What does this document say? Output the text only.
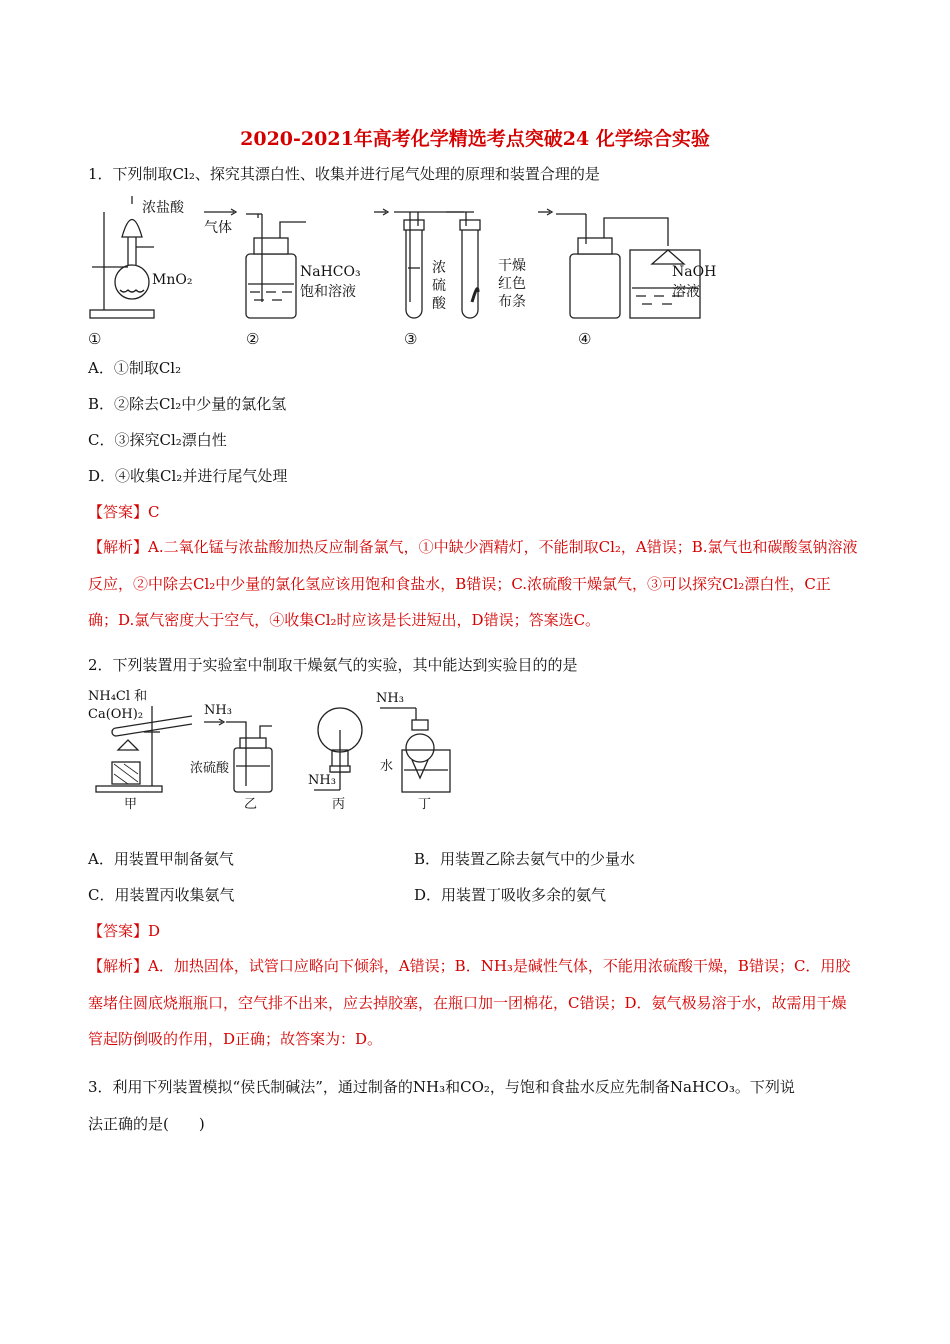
2020-2021年高考化学精选考点突破24 化学综合实验
1．下列制取Cl₂、探究其漂白性、收集并进行尾气处理的原理和装置合理的是
浓盐酸
MnO₂
①
气体
NaHCO₃
饱和溶液
②
浓
硫
酸
干燥
红色
布条
③
NaOH
溶液
④
A．①制取Cl₂
B．②除去Cl₂中少量的氯化氢
C．③探究Cl₂漂白性
D．④收集Cl₂并进行尾气处理
【答案】C
【解析】A.二氧化锰与浓盐酸加热反应制备氯气，①中缺少酒精灯，不能制取Cl₂，A错误；B.氯气也和碳酸氢钠溶液反应，②中除去Cl₂中少量的氯化氢应该用饱和食盐水，B错误；C.浓硫酸干燥氯气，③可以探究Cl₂漂白性，C正确；D.氯气密度大于空气，④收集Cl₂时应该是长进短出，D错误；答案选C。
2．下列装置用于实验室中制取干燥氨气的实验，其中能达到实验目的的是
NH₄Cl 和
Ca(OH)₂	NH₃
浓硫酸
NH₃
NH₃
水
甲	乙	丙	丁
A．用装置甲制备氨气	B．用装置乙除去氨气中的少量水
C．用装置丙收集氨气	D．用装置丁吸收多余的氨气
【答案】D
【解析】A．加热固体，试管口应略向下倾斜，A错误；B．NH₃是碱性气体，不能用浓硫酸干燥，B错误；C．用胶塞堵住圆底烧瓶瓶口，空气排不出来，应去掉胶塞，在瓶口加一团棉花，C错误；D．氨气极易溶于水，故需用干燥管起防倒吸的作用，D正确；故答案为：D。
3．利用下列装置模拟“侯氏制碱法”，通过制备的NH₃和CO₂，与饱和食盐水反应先制备NaHCO₃。下列说
法正确的是(　　)
